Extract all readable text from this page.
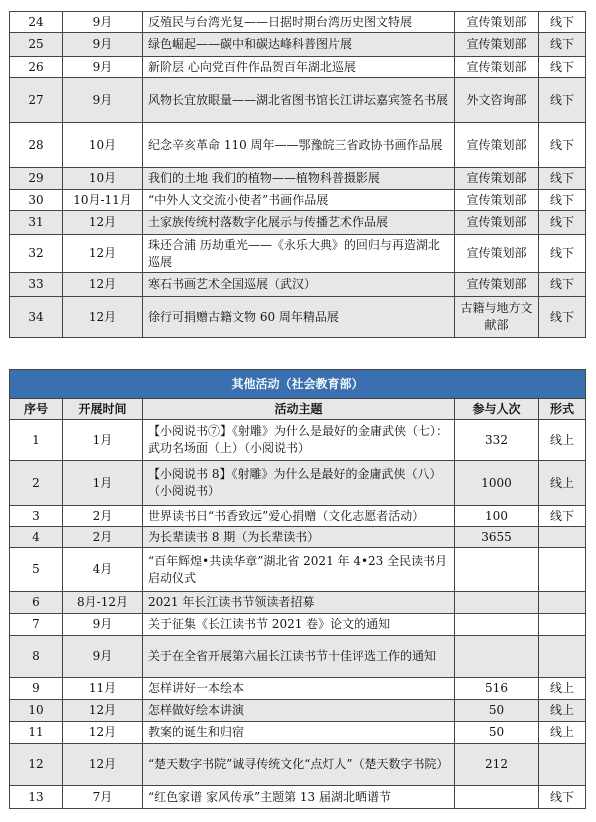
24	9月	反殖民与台湾光复——日据时期台湾历史图文特展	宣传策划部	线下
25	9月	绿色崛起——碳中和碳达峰科普图片展	宣传策划部	线下
26	9月	新阶层 心向党百件作品贺百年湖北巡展	宣传策划部	线下
27	9月	风物长宜放眼量——湖北省图书馆长江讲坛嘉宾签名书展	外文咨询部	线下
28	10月	纪念辛亥革命 110 周年——鄂豫皖三省政协书画作品展	宣传策划部	线下
29	10月	我们的土地 我们的植物——植物科普摄影展	宣传策划部	线下
30	10月-11月	“中外人文交流小使者”书画作品展	宣传策划部	线下
31	12月	土家族传统村落数字化展示与传播艺术作品展	宣传策划部	线下
32	12月	珠还合浦 历劫重光——《永乐大典》的回归与再造湖北巡展	宣传策划部	线下
33	12月	寒石书画艺术全国巡展（武汉）	宣传策划部	线下
34	12月	徐行可捐赠古籍文物 60 周年精品展	古籍与地方文献部	线下
其他活动（社会教育部）				
序号	开展时间	活动主题	参与人次	形式
1	1月	【小阅说书⑦】《射雕》为什么是最好的金庸武侠（七）：武功名场面（上）（小阅说书）	332	线上
2	1月	【小阅说书 8】《射雕》为什么是最好的金庸武侠（八）（小阅说书）	1000	线上
3	2月	世界读书日“书香致远”爱心捐赠（文化志愿者活动）	100	线下
4	2月	为长辈读书 8 期（为长辈读书）	3655	
5	4月	“百年辉煌•共读华章”湖北省 2021 年 4•23 全民读书月启动仪式		
6	8月-12月	2021 年长江读书节领读者招募		
7	9月	关于征集《长江读书节 2021 卷》论文的通知		
8	9月	关于在全省开展第六届长江读书节十佳评选工作的通知		
9	11月	怎样讲好一本绘本	516	线上
10	12月	怎样做好绘本讲演	50	线上
11	12月	教案的诞生和归宿	50	线上
12	12月	“楚天数字书院”诚寻传统文化“点灯人”（楚天数字书院）	212	
13	7月	“红色家谱 家风传承”主题第 13 届湖北晒谱节		线下
